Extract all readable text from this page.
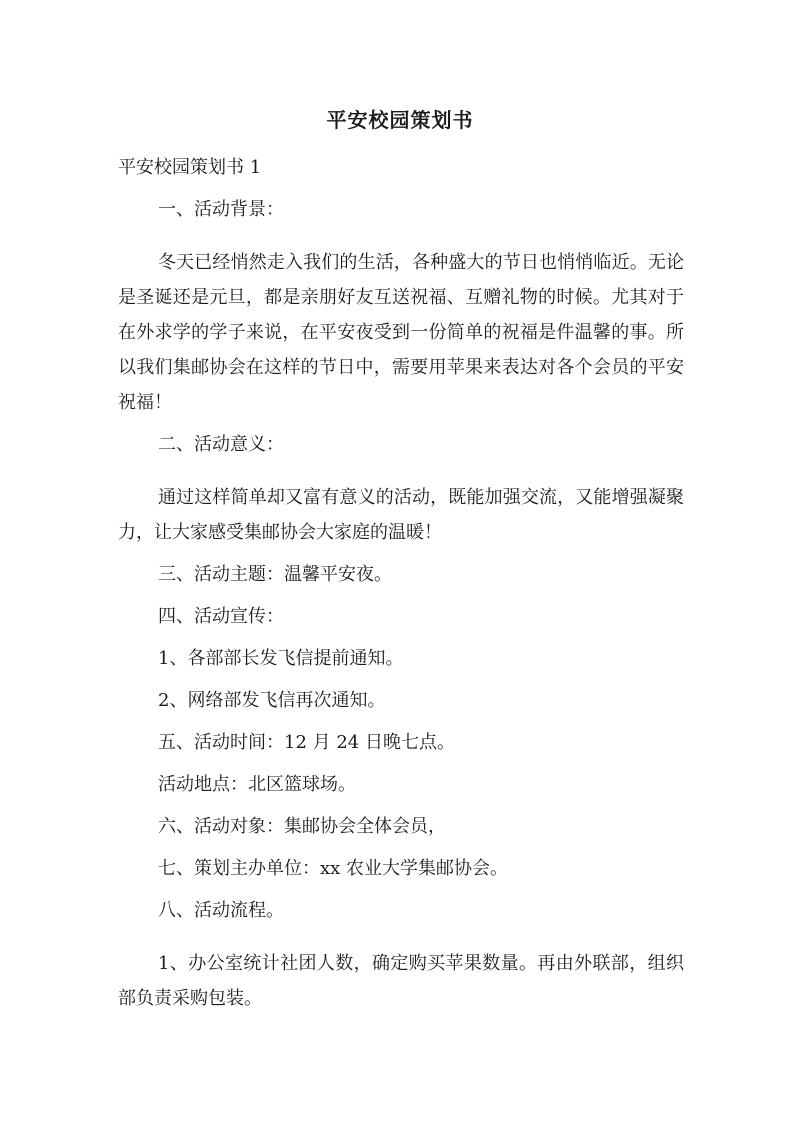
平安校园策划书

平安校园策划书 1

一、活动背景：

冬天已经悄然走入我们的生活，各种盛大的节日也悄悄临近。无论是圣诞还是元旦，都是亲朋好友互送祝福、互赠礼物的时候。尤其对于在外求学的学子来说，在平安夜受到一份简单的祝福是件温馨的事。所以我们集邮协会在这样的节日中，需要用苹果来表达对各个会员的平安祝福！

二、活动意义：

通过这样简单却又富有意义的活动，既能加强交流，又能增强凝聚力，让大家感受集邮协会大家庭的温暖！

三、活动主题：温馨平安夜。

四、活动宣传：

1、各部部长发飞信提前通知。

2、网络部发飞信再次通知。

五、活动时间：12 月 24 日晚七点。

活动地点：北区篮球场。

六、活动对象：集邮协会全体会员，

七、策划主办单位：xx 农业大学集邮协会。

八、活动流程。

1、办公室统计社团人数，确定购买苹果数量。再由外联部，组织部负责采购包装。
